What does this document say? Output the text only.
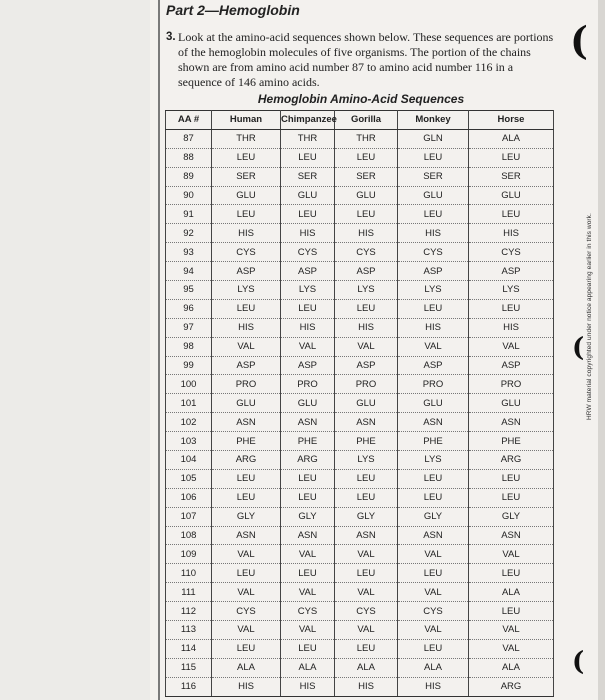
(
(
(
Part 2—Hemoglobin
3. Look at the amino-acid sequences shown below. These sequences are portions of the hemoglobin molecules of five organisms. The portion of the chains shown are from amino acid number 87 to amino acid number 116 in a sequence of 146 amino acids.
Hemoglobin Amino-Acid Sequences
HRW material copyrighted under notice appearing earlier in this work.
AA #	Human	Chimpanzee	Gorilla	Monkey	Horse
87	THR	THR	THR	GLN	ALA
88	LEU	LEU	LEU	LEU	LEU
89	SER	SER	SER	SER	SER
90	GLU	GLU	GLU	GLU	GLU
91	LEU	LEU	LEU	LEU	LEU
92	HIS	HIS	HIS	HIS	HIS
93	CYS	CYS	CYS	CYS	CYS
94	ASP	ASP	ASP	ASP	ASP
95	LYS	LYS	LYS	LYS	LYS
96	LEU	LEU	LEU	LEU	LEU
97	HIS	HIS	HIS	HIS	HIS
98	VAL	VAL	VAL	VAL	VAL
99	ASP	ASP	ASP	ASP	ASP
100	PRO	PRO	PRO	PRO	PRO
101	GLU	GLU	GLU	GLU	GLU
102	ASN	ASN	ASN	ASN	ASN
103	PHE	PHE	PHE	PHE	PHE
104	ARG	ARG	LYS	LYS	ARG
105	LEU	LEU	LEU	LEU	LEU
106	LEU	LEU	LEU	LEU	LEU
107	GLY	GLY	GLY	GLY	GLY
108	ASN	ASN	ASN	ASN	ASN
109	VAL	VAL	VAL	VAL	VAL
110	LEU	LEU	LEU	LEU	LEU
111	VAL	VAL	VAL	VAL	ALA
112	CYS	CYS	CYS	CYS	LEU
113	VAL	VAL	VAL	VAL	VAL
114	LEU	LEU	LEU	LEU	VAL
115	ALA	ALA	ALA	ALA	ALA
116	HIS	HIS	HIS	HIS	ARG
